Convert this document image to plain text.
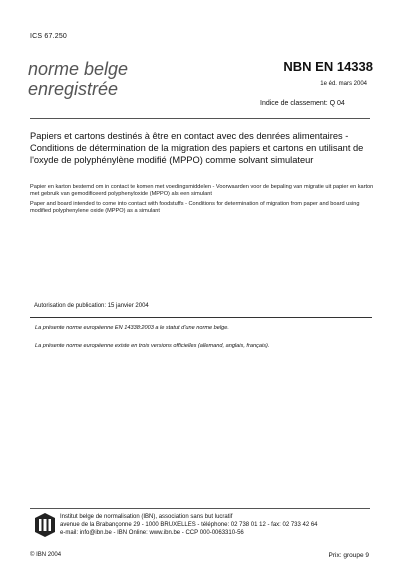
ICS 67.250
norme belge
enregistrée
NBN EN 14338
1e éd. mars 2004
Indice de classement: Q 04
Papiers et cartons destinés à être en contact avec des denrées alimentaires - Conditions de détermination de la migration des papiers et cartons en utilisant de l'oxyde de polyphénylène modifié (MPPO) comme solvant simulateur
Papier en karton bestemd om in contact te komen met voedingsmiddelen - Voorwaarden voor de bepaling van migratie uit papier en karton met gebruik van gemodificeerd polyphenyloxide (MPPO) als een simulant
Paper and board intended to come into contact with foodstuffs - Conditions for determination of migration from paper and board using modified polyphenylene oxide (MPPO) as a simulant
Autorisation de publication: 15 janvier 2004
La présente norme européenne EN 14338:2003 a le statut d'une norme belge.
La présente norme européenne existe en trois versions officielles (allemand, anglais, français).
Institut belge de normalisation (IBN), association sans but lucratif
avenue de la Brabançonne 29 - 1000 BRUXELLES - téléphone: 02 738 01 12 - fax: 02 733 42 64
e-mail: info@ibn.be - IBN Online: www.ibn.be - CCP 000-0063310-56
© IBN 2004	Prix: groupe 9
